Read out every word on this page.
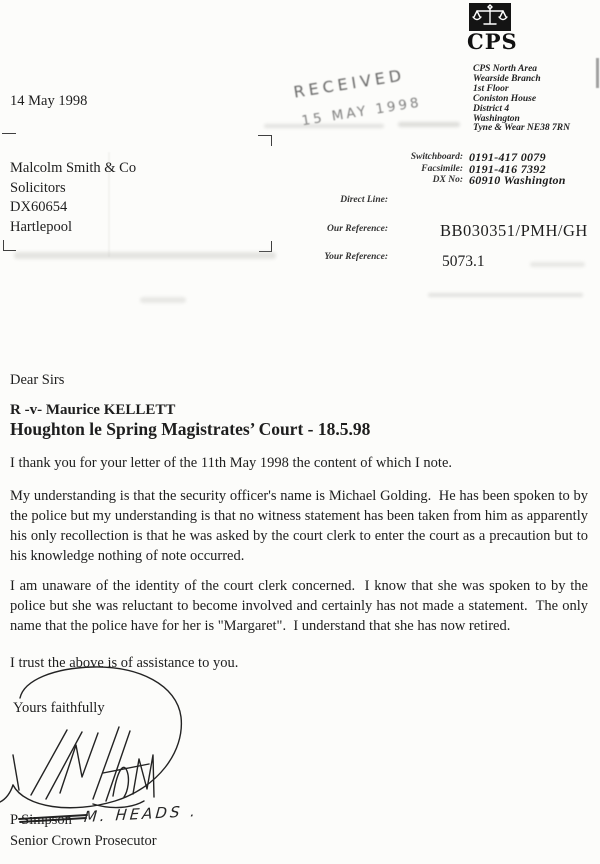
CPS
CPS North Area
Wearside Branch
1st Floor
Coniston House
District 4
Washington
Tyne & Wear NE38 7RN
Switchboard: 0191-417 0079
Facsimile: 0191-416 7392
DX No: 60910 Washington
Direct Line:
Our Reference:	BB030351/PMH/GH
Your Reference:	5073.1
14 May 1998	RECEIVED
15 MAY 1998
Malcolm Smith & Co
Solicitors
DX60654
Hartlepool

Dear Sirs

R -v- Maurice KELLETT
Houghton le Spring Magistrates’ Court - 18.5.98

I thank you for your letter of the 11th May 1998 the content of which I note.

My understanding is that the security officer's name is Michael Golding.  He has been spoken to by the police but my understanding is that no witness statement has been taken from him as apparently his only recollection is that he was asked by the court clerk to enter the court as a precaution but to his knowledge nothing of note occurred.

I am unaware of the identity of the court clerk concerned.  I know that she was spoken to by the police but she was reluctant to become involved and certainly has not made a statement.  The only name that the police have for her is "Margaret".  I understand that she has now retired.

I trust the above is of assistance to you.

Yours faithfully
M. HEADS .
P Simpson
Senior Crown Prosecutor
